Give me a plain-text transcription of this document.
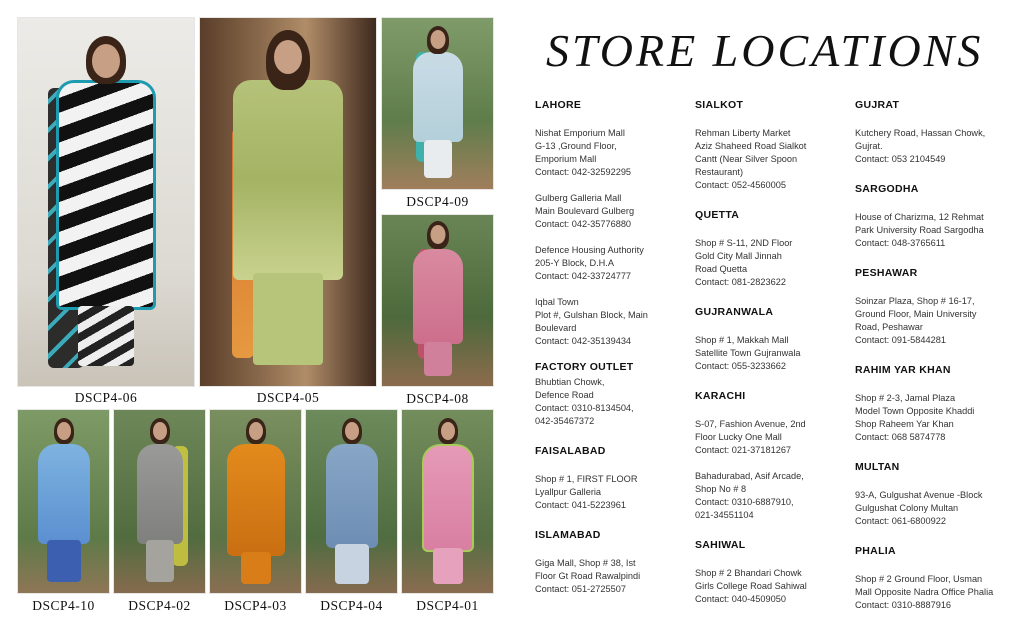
DSCP4-06	DSCP4-05
DSCP4-09
DSCP4-08
DSCP4-10	DSCP4-02	DSCP4-03	DSCP4-04	DSCP4-01
STORE LOCATIONS
LAHORE
Nishat Emporium Mall
G-13 ,Ground Floor,
Emporium Mall
Contact: 042-32592295
Gulberg Galleria Mall
Main Boulevard Gulberg
Contact: 042-35776880
Defence Housing Authority
205-Y Block, D.H.A
Contact: 042-33724777
Iqbal Town
Plot #, Gulshan Block, Main
Boulevard
Contact: 042-35139434
FACTORY OUTLET
Bhubtian Chowk,
Defence Road
Contact: 0310-8134504,
042-35467372
FAISALABAD
Shop # 1, FIRST FLOOR
Lyallpur Galleria
Contact: 041-5223961
ISLAMABAD
Giga Mall, Shop # 38, Ist
Floor Gt Road Rawalpindi
Contact: 051-2725507
SIALKOT
Rehman Liberty Market
Aziz Shaheed Road Sialkot
Cantt (Near Silver Spoon
Restaurant)
Contact: 052-4560005
QUETTA
Shop # S-11, 2ND Floor
Gold City Mall Jinnah
Road Quetta
Contact: 081-2823622
GUJRANWALA
Shop # 1, Makkah Mall
Satellite Town Gujranwala
Contact: 055-3233662
KARACHI
S-07, Fashion Avenue, 2nd
Floor Lucky One Mall
Contact: 021-37181267
Bahadurabad, Asif Arcade,
Shop No # 8
Contact: 0310-6887910,
021-34551104
SAHIWAL
Shop # 2 Bhandari Chowk
Girls College Road Sahiwal
Contact: 040-4509050
GUJRAT
Kutchery Road, Hassan Chowk,
Gujrat.
Contact: 053 2104549
SARGODHA
House of Charizma, 12 Rehmat
Park University Road Sargodha
Contact: 048-3765611
PESHAWAR
Soinzar Plaza, Shop # 16-17,
Ground Floor, Main University
Road, Peshawar
Contact: 091-5844281
RAHIM YAR KHAN
Shop # 2-3, Jamal Plaza
Model Town Opposite Khaddi
Shop Raheem Yar Khan
Contact: 068 5874778
MULTAN
93-A, Gulgushat Avenue -Block
Gulgushat Colony Multan
Contact: 061-6800922
PHALIA
Shop # 2 Ground Floor, Usman
Mall Opposite Nadra Office Phalia
Contact: 0310-8887916
